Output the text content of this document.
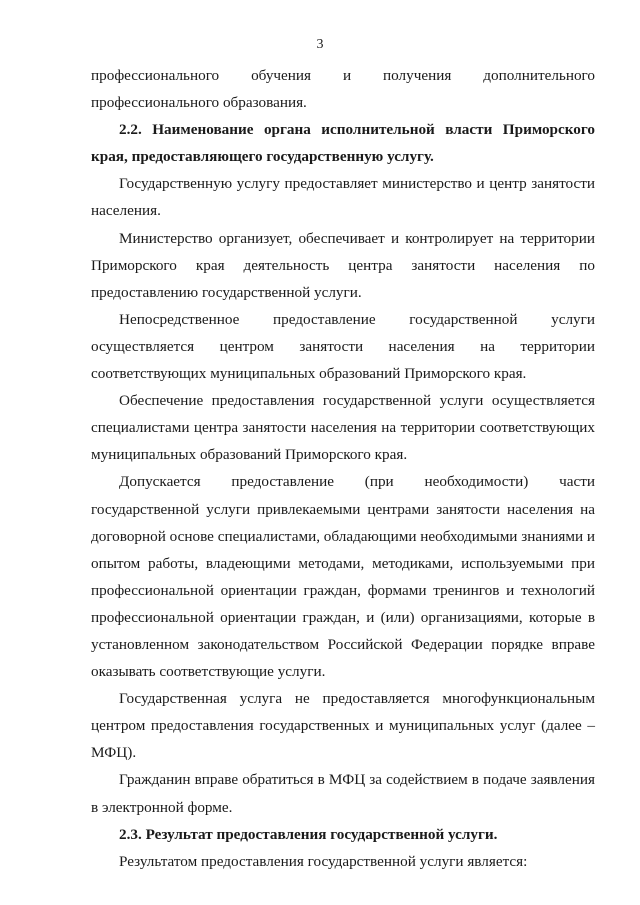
3

профессионального обучения и получения дополнительного

профессионального образования.

2.2. Наименование органа исполнительной власти Приморского края, предоставляющего государственную услугу.

Государственную услугу предоставляет министерство и центр занятости населения.

Министерство организует, обеспечивает и контролирует на территории Приморского края деятельность центра занятости населения по предоставлению государственной услуги.

Непосредственное предоставление государственной услуги осуществляется центром занятости населения на территории соответствующих муниципальных образований Приморского края.

Обеспечение предоставления государственной услуги осуществляется специалистами центра занятости населения на территории соответствующих муниципальных образований Приморского края.

Допускается предоставление (при необходимости) части государственной услуги привлекаемыми центрами занятости населения на договорной основе специалистами, обладающими необходимыми знаниями и опытом работы, владеющими методами, методиками, используемыми при профессиональной ориентации граждан, формами тренингов и технологий профессиональной ориентации граждан, и (или) организациями, которые в установленном законодательством Российской Федерации порядке вправе оказывать соответствующие услуги.

Государственная услуга не предоставляется многофункциональным центром предоставления государственных и муниципальных услуг (далее – МФЦ).

Гражданин вправе обратиться в МФЦ за содействием в подаче заявления в электронной форме.

2.3. Результат предоставления государственной услуги.

Результатом предоставления государственной услуги является:
